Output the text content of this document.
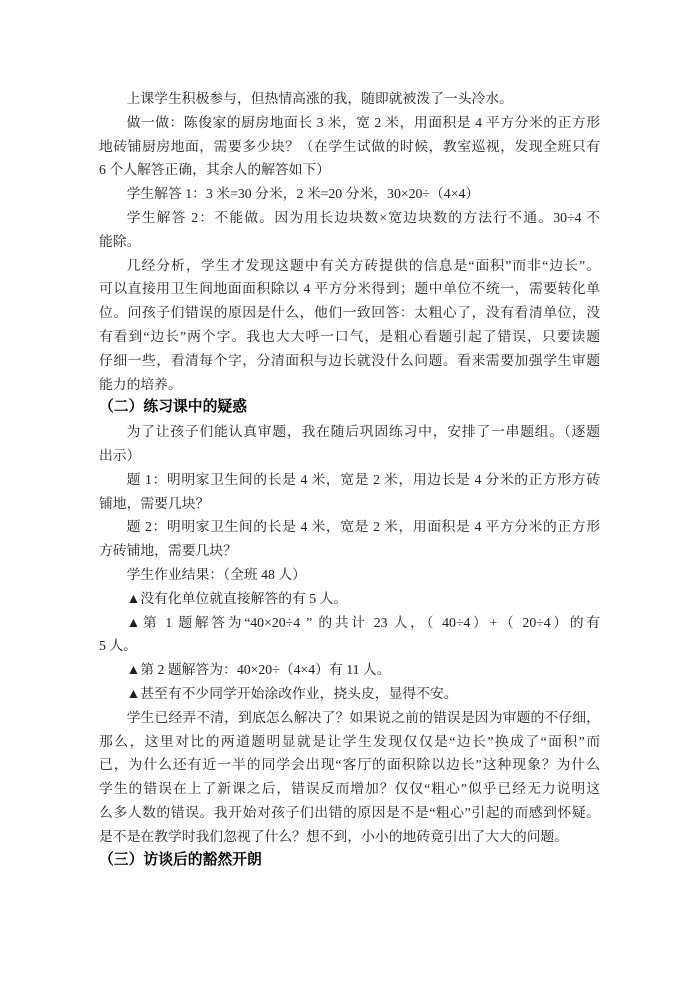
上课学生积极参与，但热情高涨的我，随即就被泼了一头冷水。
做一做：陈俊家的厨房地面长 3 米，宽 2 米，用面积是 4 平方分米的正方形
地砖铺厨房地面，需要多少块？（在学生试做的时候，教室巡视，发现全班只有
6 个人解答正确，其余人的解答如下）
学生解答 1：3 米=30 分米，2 米=20 分米，30×20÷（4×4）
学生解答 2：不能做。因为用长边块数×宽边块数的方法行不通。30÷4 不
能除。
几经分析，学生才发现这题中有关方砖提供的信息是“面积”而非“边长”。
可以直接用卫生间地面面积除以 4 平方分米得到；题中单位不统一，需要转化单
位。问孩子们错误的原因是什么，他们一致回答：太粗心了，没有看清单位，没
有看到“边长”两个字。我也大大呼一口气，是粗心看题引起了错误，只要读题
仔细一些，看清每个字，分清面积与边长就没什么问题。看来需要加强学生审题
能力的培养。
（二）练习课中的疑惑
为了让孩子们能认真审题，我在随后巩固练习中，安排了一串题组。（逐题
出示）
题 1：明明家卫生间的长是 4 米，宽是 2 米，用边长是 4 分米的正方形方砖
铺地，需要几块？
题 2：明明家卫生间的长是 4 米，宽是 2 米，用面积是 4 平方分米的正方形
方砖铺地，需要几块？
学生作业结果：（全班 48 人）
▲没有化单位就直接解答的有 5 人。
▲第 1 题解答为“40×20÷4 ” 的共计 23 人，（ 40÷4）+（ 20÷4）的有
5 人。
▲第 2 题解答为：40×20÷（4×4）有 11 人。
▲甚至有不少同学开始涂改作业，挠头皮，显得不安。
学生已经弄不清，到底怎么解决了？如果说之前的错误是因为审题的不仔细，
那么，这里对比的两道题明显就是让学生发现仅仅是“边长”换成了“面积”而
已，为什么还有近一半的同学会出现“客厅的面积除以边长”这种现象？为什么
学生的错误在上了新课之后，错误反而增加？仅仅“粗心”似乎已经无力说明这
么多人数的错误。我开始对孩子们出错的原因是不是“粗心”引起的而感到怀疑。
是不是在教学时我们忽视了什么？想不到，小小的地砖竟引出了大大的问题。
（三）访谈后的豁然开朗
